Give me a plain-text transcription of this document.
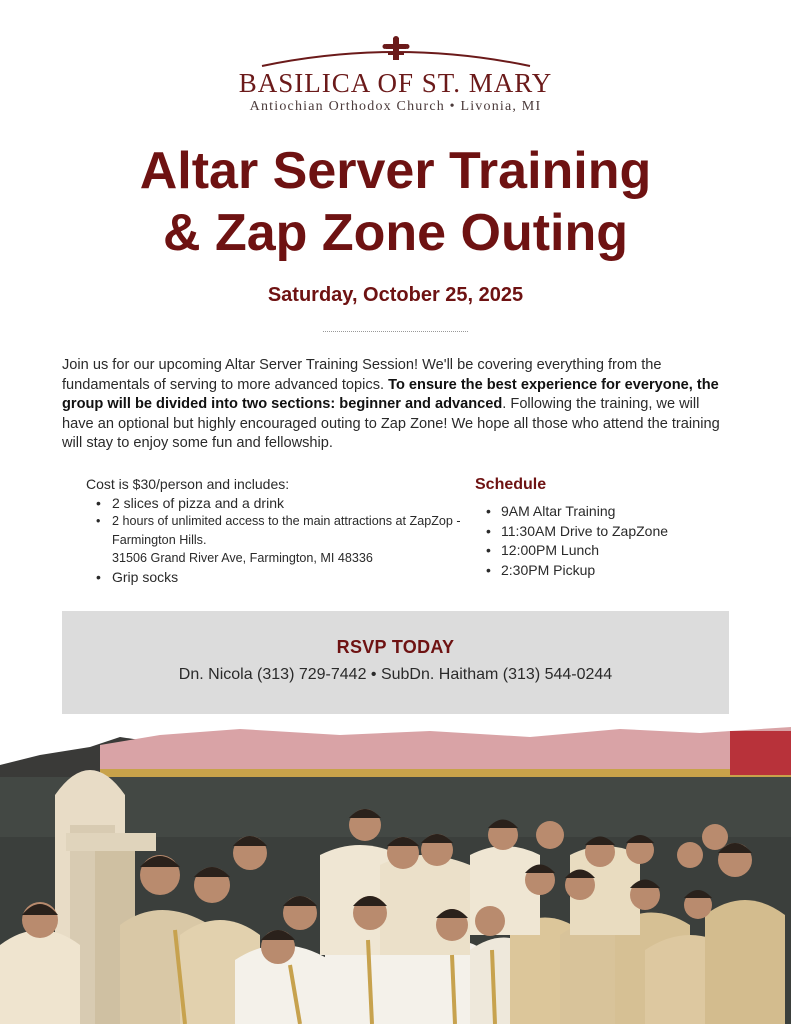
BASILICA OF ST. MARY
Antiochian Orthodox Church • Livonia, MI
Altar Server Training
& Zap Zone Outing
Saturday, October 25, 2025

Join us for our upcoming Altar Server Training Session! We'll be covering everything from the fundamentals of serving to more advanced topics. To ensure the best experience for everyone, the group will be divided into two sections: beginner and advanced. Following the training, we will have an optional but highly encouraged outing to Zap Zone! We hope all those who attend the training will stay to enjoy some fun and fellowship.

Cost is $30/person and includes:
• 2 slices of pizza and a drink
• 2 hours of unlimited access to the main attractions at ZapZop - Farmington Hills.
31506 Grand River Ave, Farmington, MI 48336
• Grip socks
Schedule
• 9AM Altar Training
• 11:30AM Drive to ZapZone
• 12:00PM Lunch
• 2:30PM Pickup
RSVP TODAY
Dn. Nicola (313) 729-7442 • SubDn. Haitham (313) 544-0244
